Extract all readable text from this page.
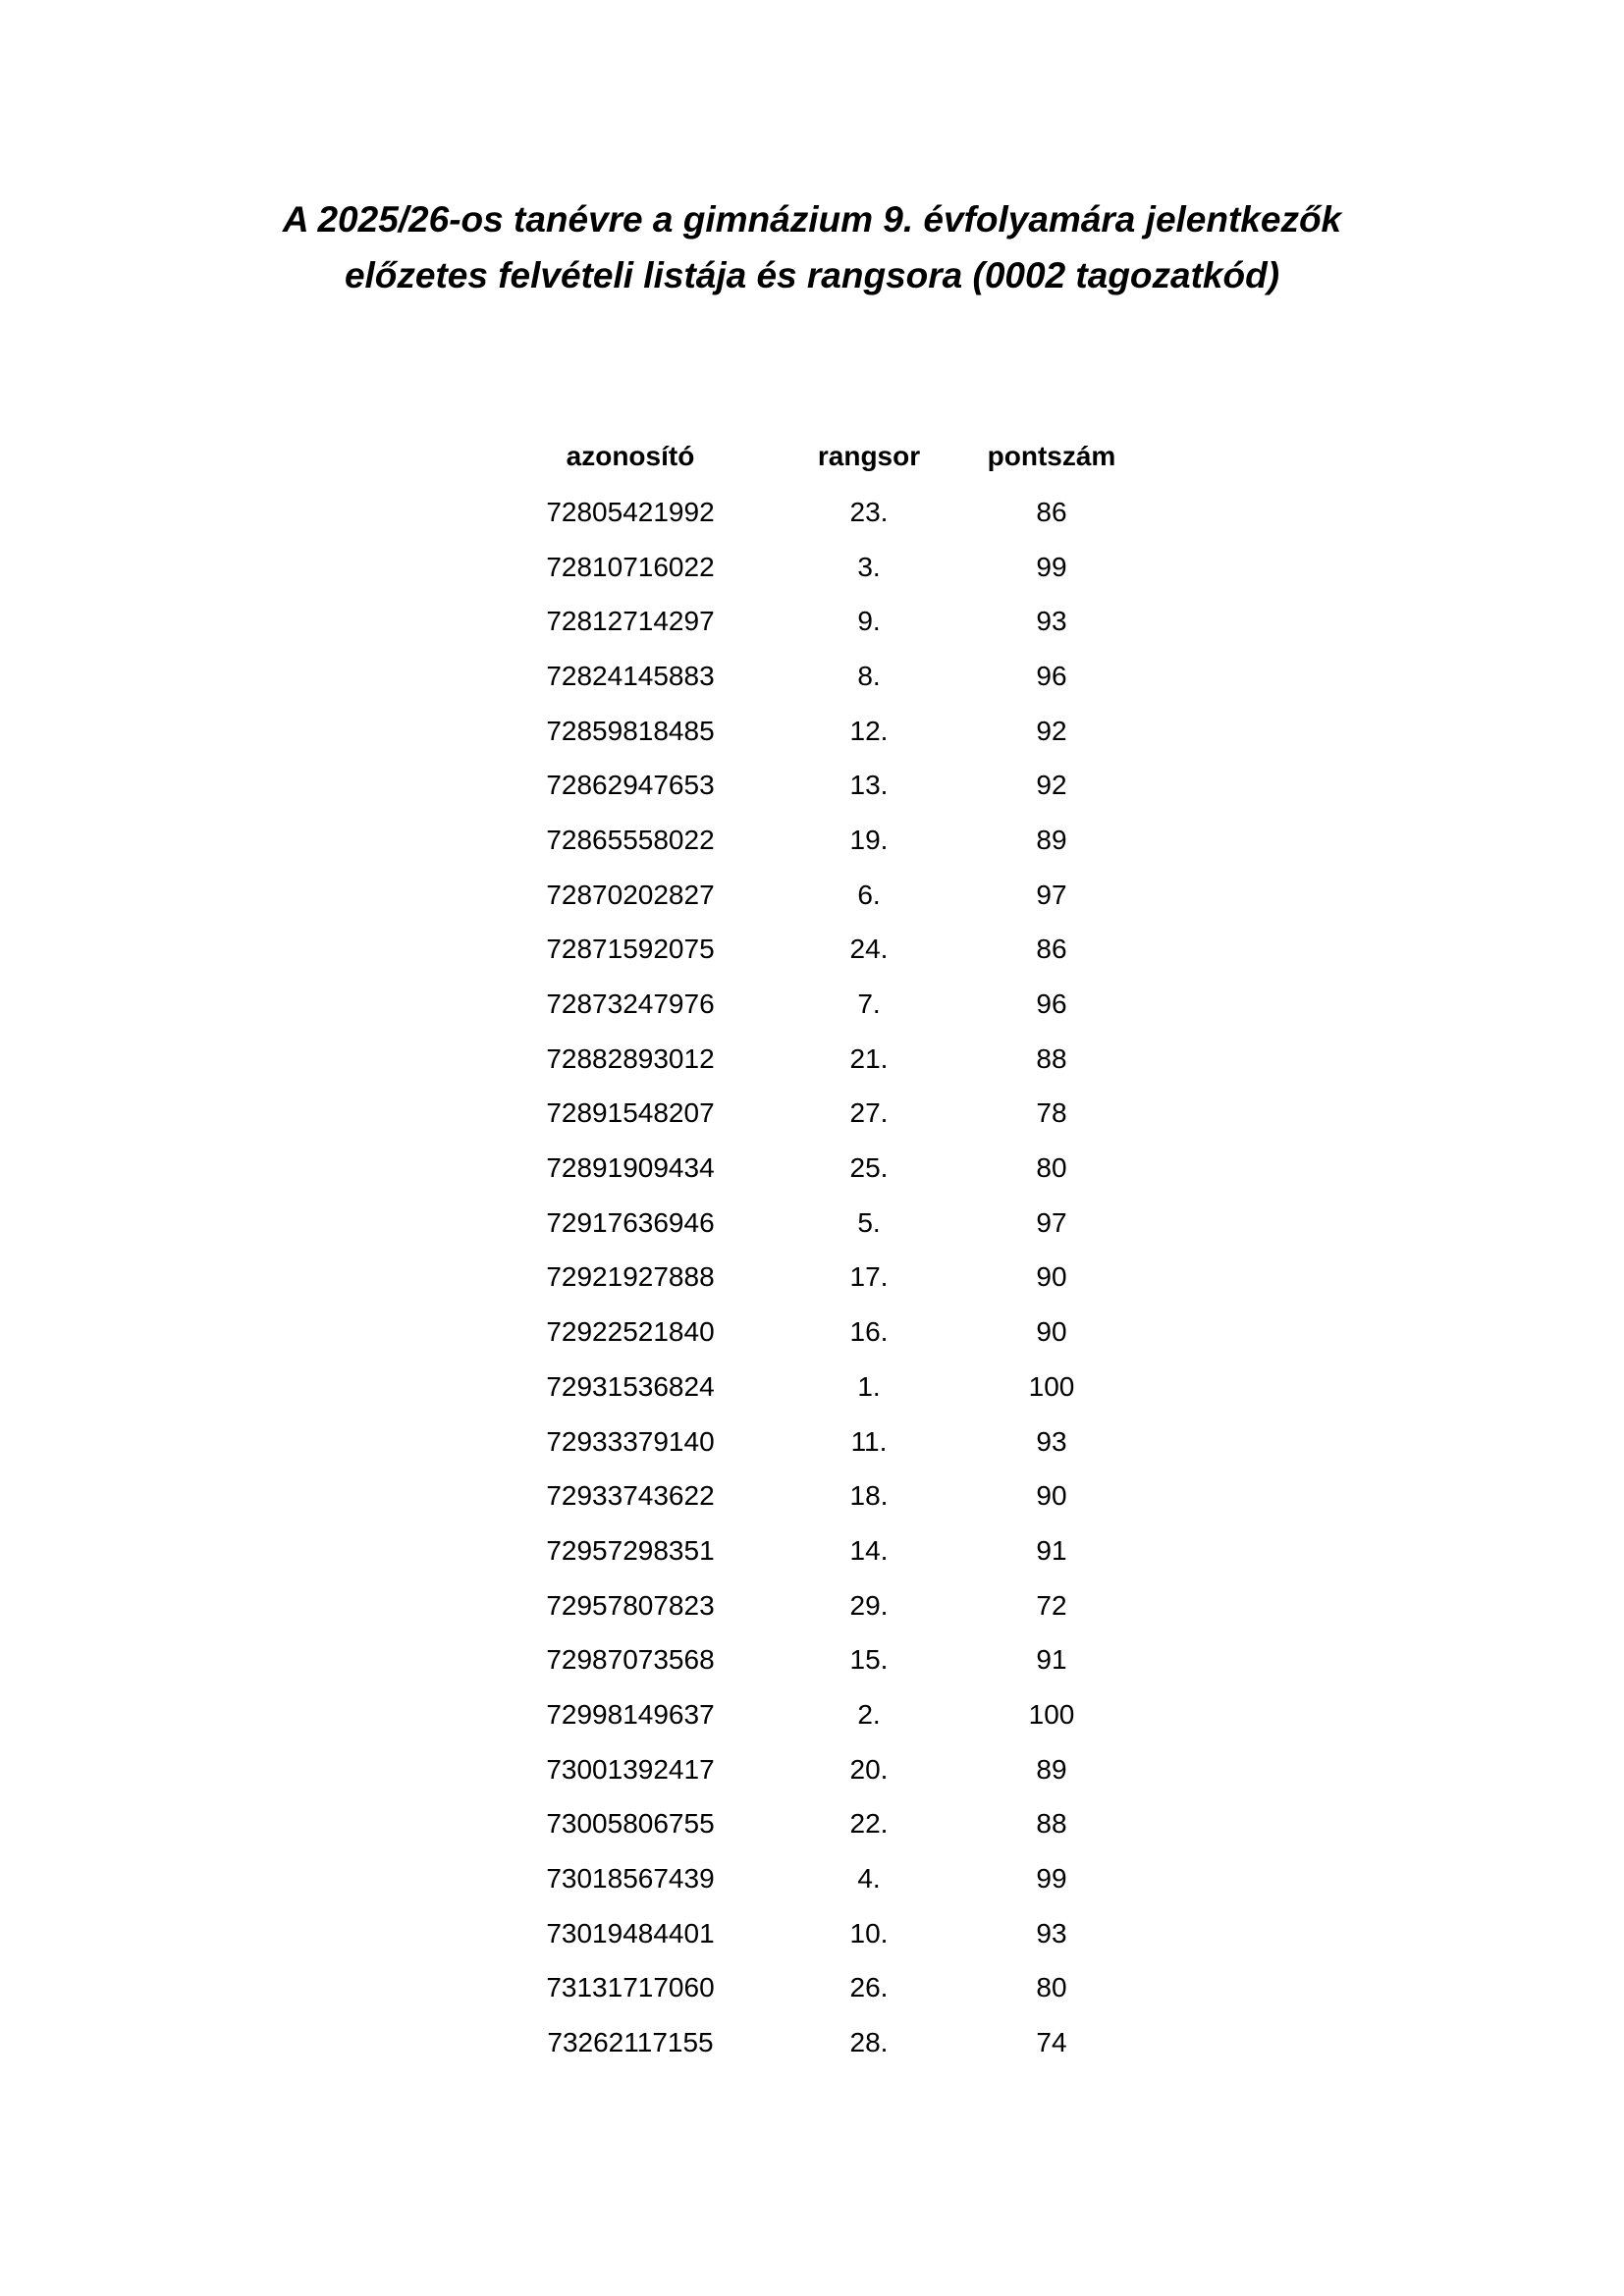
A 2025/26-os tanévre a gimnázium 9. évfolyamára jelentkezők
előzetes felvételi listája és rangsora (0002 tagozatkód)
azonosító	rangsor	pontszám
72805421992	23.	86
72810716022	3.	99
72812714297	9.	93
72824145883	8.	96
72859818485	12.	92
72862947653	13.	92
72865558022	19.	89
72870202827	6.	97
72871592075	24.	86
72873247976	7.	96
72882893012	21.	88
72891548207	27.	78
72891909434	25.	80
72917636946	5.	97
72921927888	17.	90
72922521840	16.	90
72931536824	1.	100
72933379140	11.	93
72933743622	18.	90
72957298351	14.	91
72957807823	29.	72
72987073568	15.	91
72998149637	2.	100
73001392417	20.	89
73005806755	22.	88
73018567439	4.	99
73019484401	10.	93
73131717060	26.	80
73262117155	28.	74
